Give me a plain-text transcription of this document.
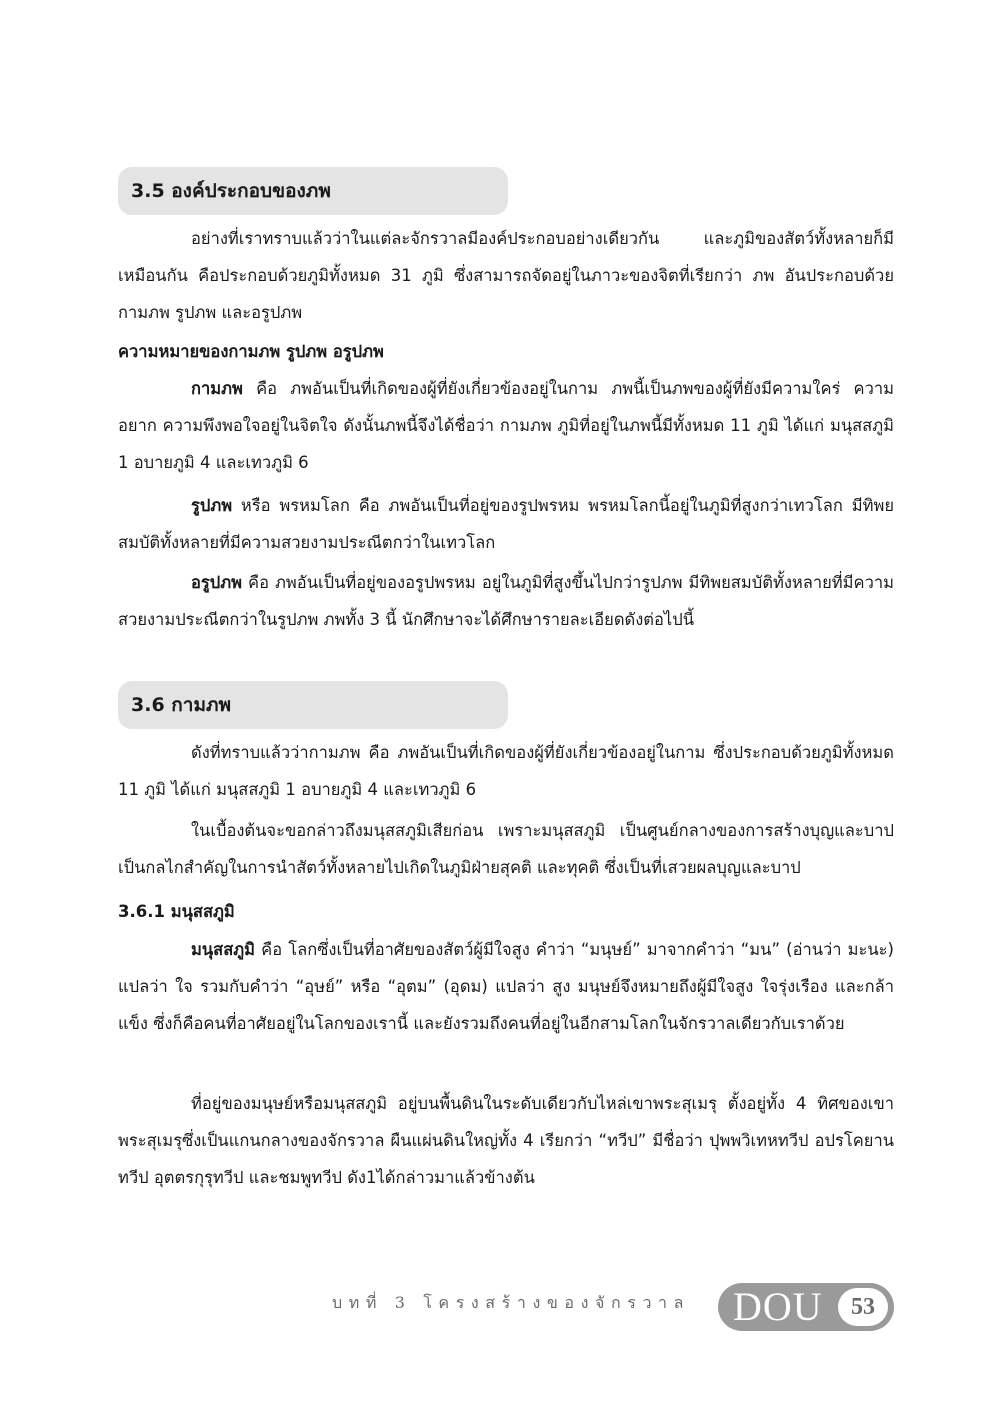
3.5 องค์ประกอบของภพ

อย่างที่เราทราบแล้วว่าในแต่ละจักรวาลมีองค์ประกอบอย่างเดียวกัน และภูมิของสัตว์ทั้งหลายก็มีเหมือนกัน คือประกอบด้วยภูมิทั้งหมด 31 ภูมิ ซึ่งสามารถจัดอยู่ในภาวะของจิตที่เรียกว่า ภพ อันประกอบด้วย กามภพ รูปภพ และอรูปภพ

ความหมายของกามภพ รูปภพ อรูปภพ

กามภพ คือ ภพอันเป็นที่เกิดของผู้ที่ยังเกี่ยวข้องอยู่ในกาม ภพนี้เป็นภพของผู้ที่ยังมีความใคร่ ความอยาก ความพึงพอใจอยู่ในจิตใจ ดังนั้นภพนี้จึงได้ชื่อว่า กามภพ ภูมิที่อยู่ในภพนี้มีทั้งหมด 11 ภูมิ ได้แก่ มนุสสภูมิ 1 อบายภูมิ 4 และเทวภูมิ 6

รูปภพ หรือ พรหมโลก คือ ภพอันเป็นที่อยู่ของรูปพรหม พรหมโลกนี้อยู่ในภูมิที่สูงกว่าเทวโลก มีทิพยสมบัติทั้งหลายที่มีความสวยงามประณีตกว่าในเทวโลก

อรูปภพ คือ ภพอันเป็นที่อยู่ของอรูปพรหม อยู่ในภูมิที่สูงขึ้นไปกว่ารูปภพ มีทิพยสมบัติทั้งหลายที่มีความสวยงามประณีตกว่าในรูปภพ ภพทั้ง 3 นี้ นักศึกษาจะได้ศึกษารายละเอียดดังต่อไปนี้

3.6 กามภพ

ดังที่ทราบแล้วว่ากามภพ คือ ภพอันเป็นที่เกิดของผู้ที่ยังเกี่ยวข้องอยู่ในกาม ซึ่งประกอบด้วยภูมิทั้งหมด 11 ภูมิ ได้แก่ มนุสสภูมิ 1 อบายภูมิ 4 และเทวภูมิ 6

ในเบื้องต้นจะขอกล่าวถึงมนุสสภูมิเสียก่อน เพราะมนุสสภูมิ เป็นศูนย์กลางของการสร้างบุญและบาป เป็นกลไกสำคัญในการนำสัตว์ทั้งหลายไปเกิดในภูมิฝ่ายสุคติ และทุคติ ซึ่งเป็นที่เสวยผลบุญและบาป

3.6.1 มนุสสภูมิ

มนุสสภูมิ คือ โลกซึ่งเป็นที่อาศัยของสัตว์ผู้มีใจสูง คำว่า “มนุษย์” มาจากคำว่า “มน” (อ่านว่า มะนะ) แปลว่า ใจ รวมกับคำว่า “อุษย์” หรือ “อุตม” (อุดม) แปลว่า สูง มนุษย์จึงหมายถึงผู้มีใจสูง ใจรุ่งเรือง และกล้าแข็ง ซึ่งก็คือคนที่อาศัยอยู่ในโลกของเรานี้ และยังรวมถึงคนที่อยู่ในอีกสามโลกในจักรวาลเดียวกับเราด้วย

ที่อยู่ของมนุษย์หรือมนุสสภูมิ อยู่บนพื้นดินในระดับเดียวกับไหล่เขาพระสุเมรุ ตั้งอยู่ทั้ง 4 ทิศของเขาพระสุเมรุซึ่งเป็นแกนกลางของจักรวาล ผืนแผ่นดินใหญ่ทั้ง 4 เรียกว่า “ทวีป” มีชื่อว่า ปุพพวิเทหทวีป อปรโคยานทวีป อุตตรกุรุทวีป และชมพูทวีป ดัง1ได้กล่าวมาแล้วข้างต้น

บทที่ 3 โครงสร้างของจักรวาล	DOU	53
